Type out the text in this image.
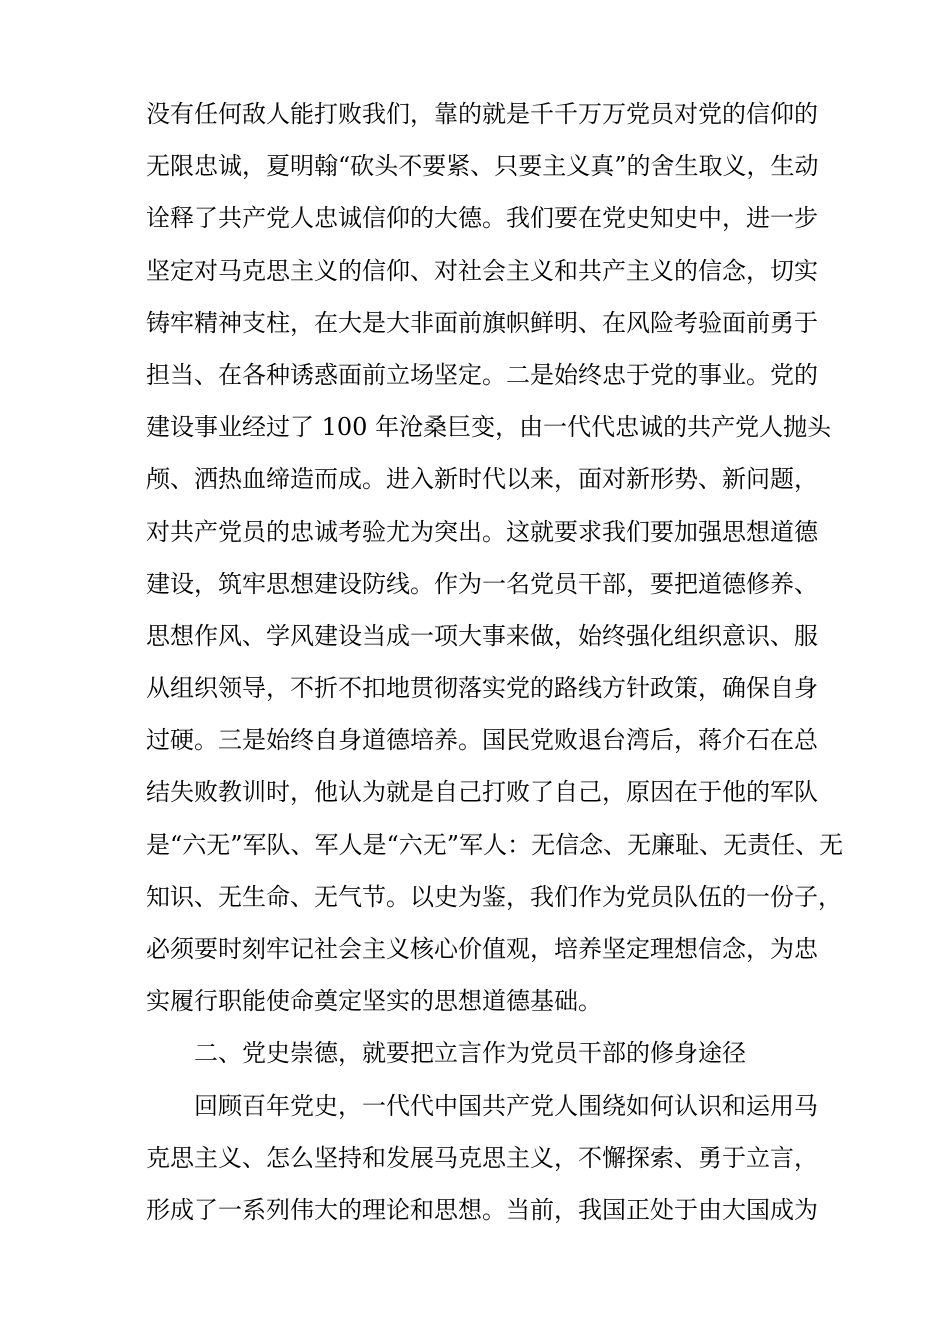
没有任何敌人能打败我们，靠的就是千千万万党员对党的信仰的
无限忠诚，夏明翰“砍头不要紧、只要主义真”的舍生取义，生动
诠释了共产党人忠诚信仰的大德。我们要在党史知史中，进一步
坚定对马克思主义的信仰、对社会主义和共产主义的信念，切实
铸牢精神支柱，在大是大非面前旗帜鲜明、在风险考验面前勇于
担当、在各种诱惑面前立场坚定。二是始终忠于党的事业。党的
建设事业经过了 100 年沧桑巨变，由一代代忠诚的共产党人抛头
颅、洒热血缔造而成。进入新时代以来，面对新形势、新问题，
对共产党员的忠诚考验尤为突出。这就要求我们要加强思想道德
建设，筑牢思想建设防线。作为一名党员干部，要把道德修养、
思想作风、学风建设当成一项大事来做，始终强化组织意识、服
从组织领导，不折不扣地贯彻落实党的路线方针政策，确保自身
过硬。三是始终自身道德培养。国民党败退台湾后，蒋介石在总
结失败教训时，他认为就是自己打败了自己，原因在于他的军队
是“六无”军队、军人是“六无”军人：无信念、无廉耻、无责任、无
知识、无生命、无气节。以史为鉴，我们作为党员队伍的一份子，
必须要时刻牢记社会主义核心价值观，培养坚定理想信念，为忠
实履行职能使命奠定坚实的思想道德基础。
二、党史崇德，就要把立言作为党员干部的修身途径
回顾百年党史，一代代中国共产党人围绕如何认识和运用马
克思主义、怎么坚持和发展马克思主义，不懈探索、勇于立言，
形成了一系列伟大的理论和思想。当前，我国正处于由大国成为
